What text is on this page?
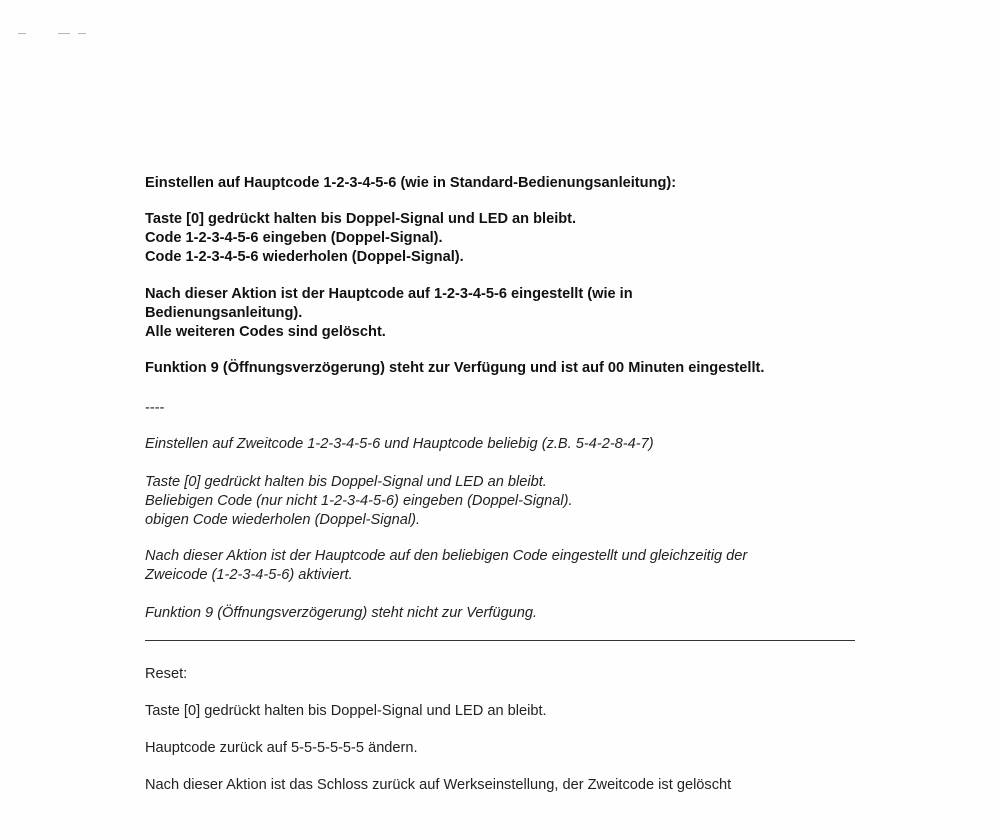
Einstellen auf Hauptcode 1-2-3-4-5-6 (wie in Standard-Bedienungsanleitung):
Taste [0] gedrückt halten bis Doppel-Signal und LED an bleibt.
Code 1-2-3-4-5-6 eingeben (Doppel-Signal).
Code 1-2-3-4-5-6 wiederholen (Doppel-Signal).
Nach dieser Aktion ist der Hauptcode auf 1-2-3-4-5-6 eingestellt (wie in
Bedienungsanleitung).
Alle weiteren Codes sind gelöscht.
Funktion 9 (Öffnungsverzögerung) steht zur Verfügung und ist auf 00 Minuten eingestellt.
----
Einstellen auf Zweitcode 1-2-3-4-5-6 und Hauptcode beliebig (z.B. 5-4-2-8-4-7)
Taste [0] gedrückt halten bis Doppel-Signal und LED an bleibt.
Beliebigen Code (nur nicht 1-2-3-4-5-6) eingeben (Doppel-Signal).
obigen Code wiederholen (Doppel-Signal).
Nach dieser Aktion ist der Hauptcode auf den beliebigen Code eingestellt und gleichzeitig der
Zweicode (1-2-3-4-5-6) aktiviert.
Funktion 9 (Öffnungsverzögerung) steht nicht zur Verfügung.
Reset:
Taste [0] gedrückt halten bis Doppel-Signal und LED an bleibt.
Hauptcode zurück auf 5-5-5-5-5-5 ändern.
Nach dieser Aktion ist das Schloss zurück auf Werkseinstellung, der Zweitcode ist gelöscht
